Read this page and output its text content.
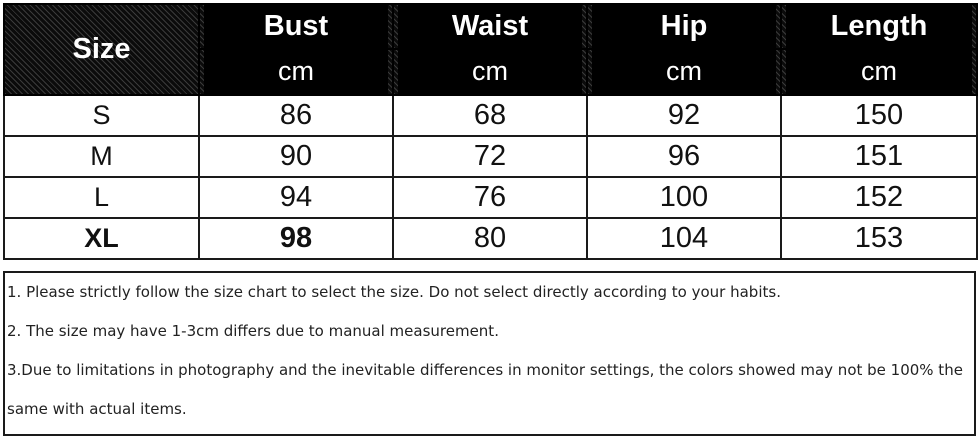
Size	Bust	Waist	Hip	Length

	cm	cm	cm	cm

S	86	68	92	150
M	90	72	96	151
L	94	76	100	152
XL	98	80	104	153

1. Please strictly follow the size chart to select the size. Do not select directly according to your habits.

2. The size may have 1-3cm differs due to manual measurement.

3.Due to limitations in photography and the inevitable differences in monitor settings, the colors showed may not be 100% the same with actual items.
